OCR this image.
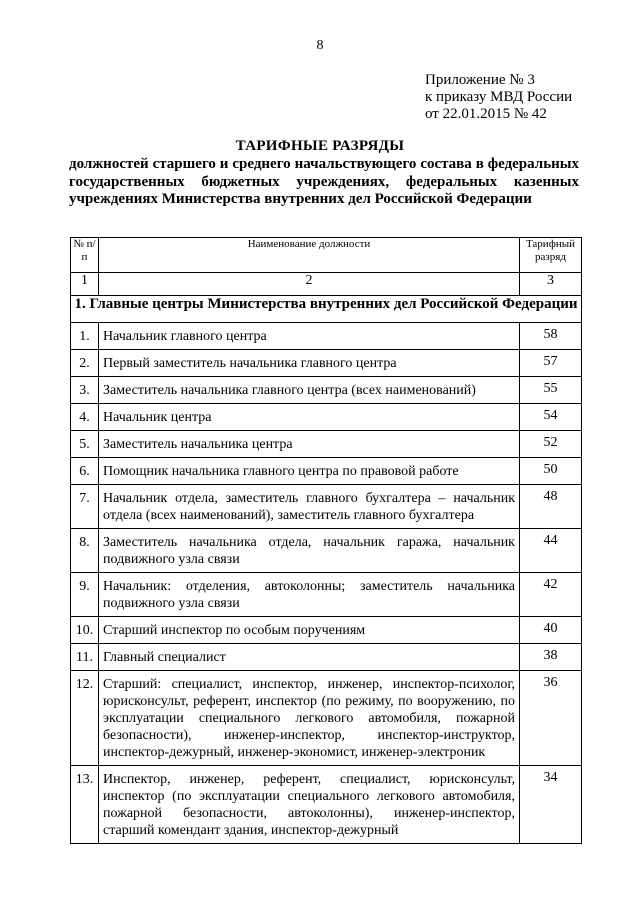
8
Приложение № 3
к приказу МВД России
от 22.01.2015 № 42
ТАРИФНЫЕ РАЗРЯДЫ
должностей старшего и среднего начальствующего состава в федеральных государственных бюджетных учреждениях, федеральных казенных учреждениях Министерства внутренних дел Российской Федерации
№ п/п	Наименование должности	Тарифный разряд
1	2	3
1. Главные центры Министерства внутренних дел Российской Федерации		
1.	Начальник главного центра	58
2.	Первый заместитель начальника главного центра	57
3.	Заместитель начальника главного центра (всех наименований)	55
4.	Начальник центра	54
5.	Заместитель начальника центра	52
6.	Помощник начальника главного центра по правовой работе	50
7.	Начальник отдела, заместитель главного бухгалтера – начальник отдела (всех наименований), заместитель главного бухгалтера	48
8.	Заместитель начальника отдела, начальник гаража, начальник подвижного узла связи	44
9.	Начальник: отделения, автоколонны; заместитель начальника подвижного узла связи	42
10.	Старший инспектор по особым поручениям	40
11.	Главный специалист	38
12.	Старший: специалист, инспектор, инженер, инспектор-психолог, юрисконсульт, референт, инспектор (по режиму, по вооружению, по эксплуатации специального легкового автомобиля, пожарной безопасности), инженер-инспектор, инспектор-инструктор, инспектор-дежурный, инженер-экономист, инженер-электроник	36
13.	Инспектор, инженер, референт, специалист, юрисконсульт, инспектор (по эксплуатации специального легкового автомобиля, пожарной безопасности, автоколонны), инженер-инспектор, старший комендант здания, инспектор-дежурный	34
